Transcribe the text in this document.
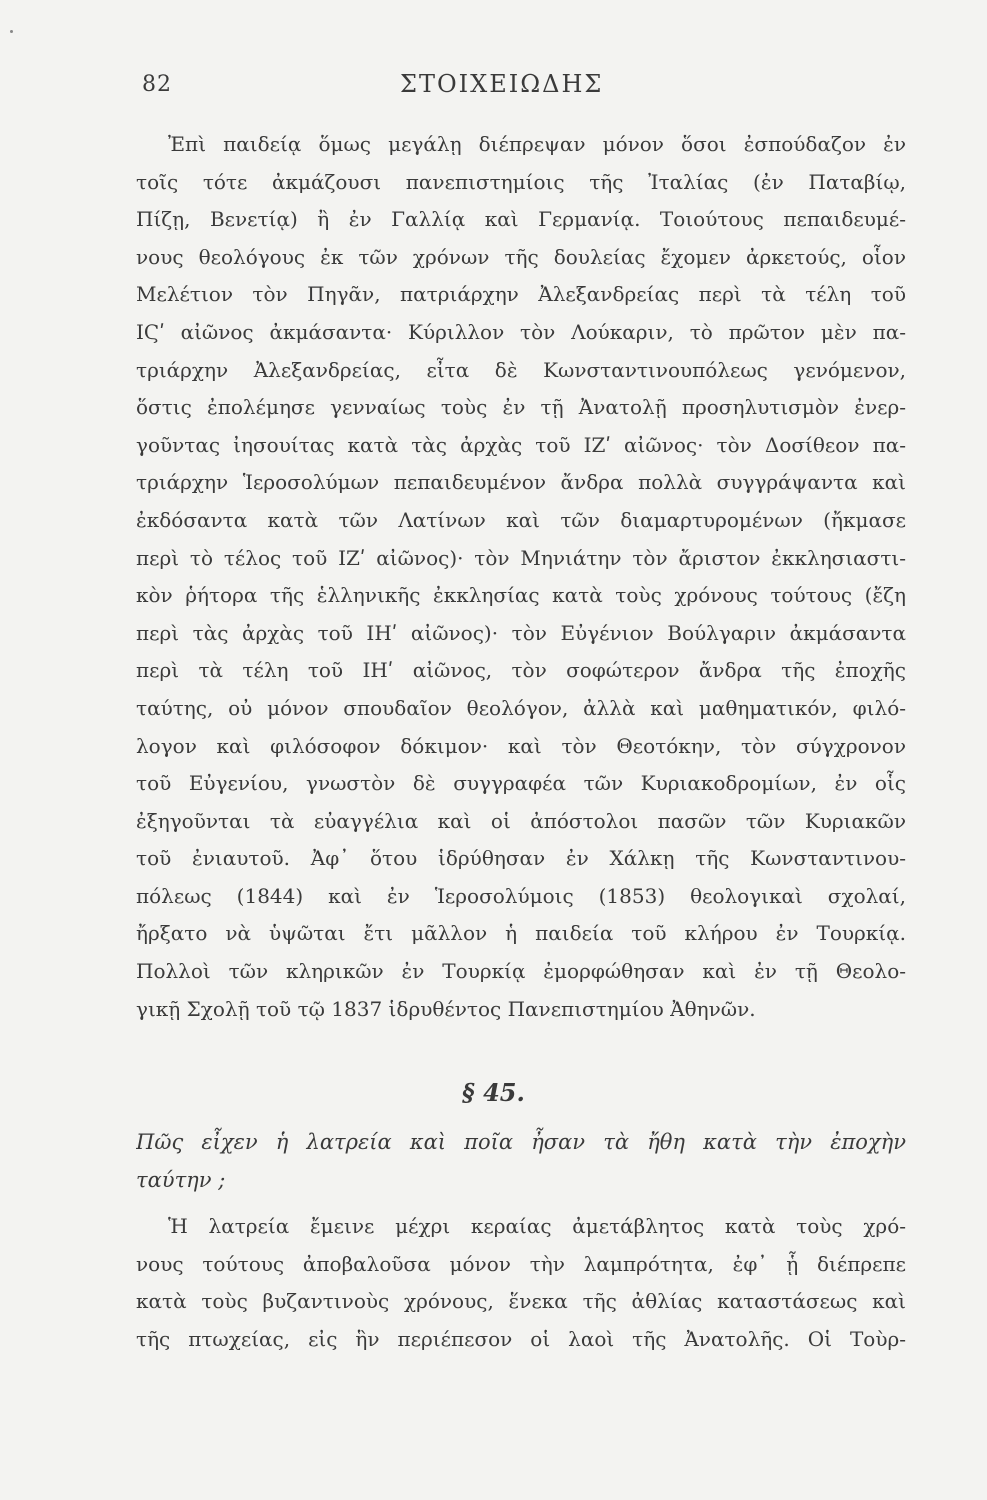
82	ΣΤΟΙΧΕΙΩΔΗΣ
Ἐπὶ παιδείᾳ ὅμως μεγάλῃ διέπρεψαν μόνον ὅσοι ἐσπούδαζον ἐν
τοῖς τότε ἀκμάζουσι πανεπιστημίοις τῆς Ἰταλίας (ἐν Παταβίῳ,
Πίζῃ, Βενετίᾳ) ἢ ἐν Γαλλίᾳ καὶ Γερμανίᾳ. Τοιούτους πεπαιδευμέ-
νους θεολόγους ἐκ τῶν χρόνων τῆς δουλείας ἔχομεν ἀρκετούς, οἷον
Μελέτιον τὸν Πηγᾶν, πατριάρχην Ἀλεξανδρείας περὶ τὰ τέλη τοῦ
ΙϚʹ αἰῶνος ἀκμάσαντα· Κύριλλον τὸν Λούκαριν, τὸ πρῶτον μὲν πα-
τριάρχην Ἀλεξανδρείας, εἶτα δὲ Κωνσταντινουπόλεως γενόμενον,
ὅστις ἐπολέμησε γενναίως τοὺς ἐν τῇ Ἀνατολῇ προσηλυτισμὸν ἐνερ-
γοῦντας ἰησουίτας κατὰ τὰς ἀρχὰς τοῦ ΙΖʹ αἰῶνος· τὸν Δοσίθεον πα-
τριάρχην Ἱεροσολύμων πεπαιδευμένον ἄνδρα πολλὰ συγγράψαντα καὶ
ἐκδόσαντα κατὰ τῶν Λατίνων καὶ τῶν διαμαρτυρομένων (ἤκμασε
περὶ τὸ τέλος τοῦ ΙΖʹ αἰῶνος)· τὸν Μηνιάτην τὸν ἄριστον ἐκκλησιαστι-
κὸν ῥήτορα τῆς ἑλληνικῆς ἐκκλησίας κατὰ τοὺς χρόνους τούτους (ἔζη
περὶ τὰς ἀρχὰς τοῦ ΙΗʹ αἰῶνος)· τὸν Εὐγένιον Βούλγαριν ἀκμάσαντα
περὶ τὰ τέλη τοῦ ΙΗʹ αἰῶνος, τὸν σοφώτερον ἄνδρα τῆς ἐποχῆς
ταύτης, οὐ μόνον σπουδαῖον θεολόγον, ἀλλὰ καὶ μαθηματικόν, φιλό-
λογον καὶ φιλόσοφον δόκιμον· καὶ τὸν Θεοτόκην, τὸν σύγχρονον
τοῦ Εὐγενίου, γνωστὸν δὲ συγγραφέα τῶν Κυριακοδρομίων, ἐν οἷς
ἐξηγοῦνται τὰ εὐαγγέλια καὶ οἱ ἀπόστολοι πασῶν τῶν Κυριακῶν
τοῦ ἐνιαυτοῦ. Ἀφ᾽ ὅτου ἱδρύθησαν ἐν Χάλκῃ τῆς Κωνσταντινου-
πόλεως (1844) καὶ ἐν Ἱεροσολύμοις (1853) θεολογικαὶ σχολαί,
ἤρξατο νὰ ὑψῶται ἔτι μᾶλλον ἡ παιδεία τοῦ κλήρου ἐν Τουρκίᾳ.
Πολλοὶ τῶν κληρικῶν ἐν Τουρκίᾳ ἐμορφώθησαν καὶ ἐν τῇ Θεολο-
γικῇ Σχολῇ τοῦ τῷ 1837 ἱδρυθέντος Πανεπιστημίου Ἀθηνῶν.
§ 45.
Πῶς εἶχεν ἡ λατρεία καὶ ποῖα ἦσαν τὰ ἤθη κατὰ τὴν ἐποχὴν
ταύτην ;
Ἡ λατρεία ἔμεινε μέχρι κεραίας ἀμετάβλητος κατὰ τοὺς χρό-
νους τούτους ἀποβαλοῦσα μόνον τὴν λαμπρότητα, ἐφ᾽ ᾗ διέπρεπε
κατὰ τοὺς βυζαντινοὺς χρόνους, ἕνεκα τῆς ἀθλίας καταστάσεως καὶ
τῆς πτωχείας, εἰς ἣν περιέπεσον οἱ λαοὶ τῆς Ἀνατολῆς. Οἱ Τοὺρ-
